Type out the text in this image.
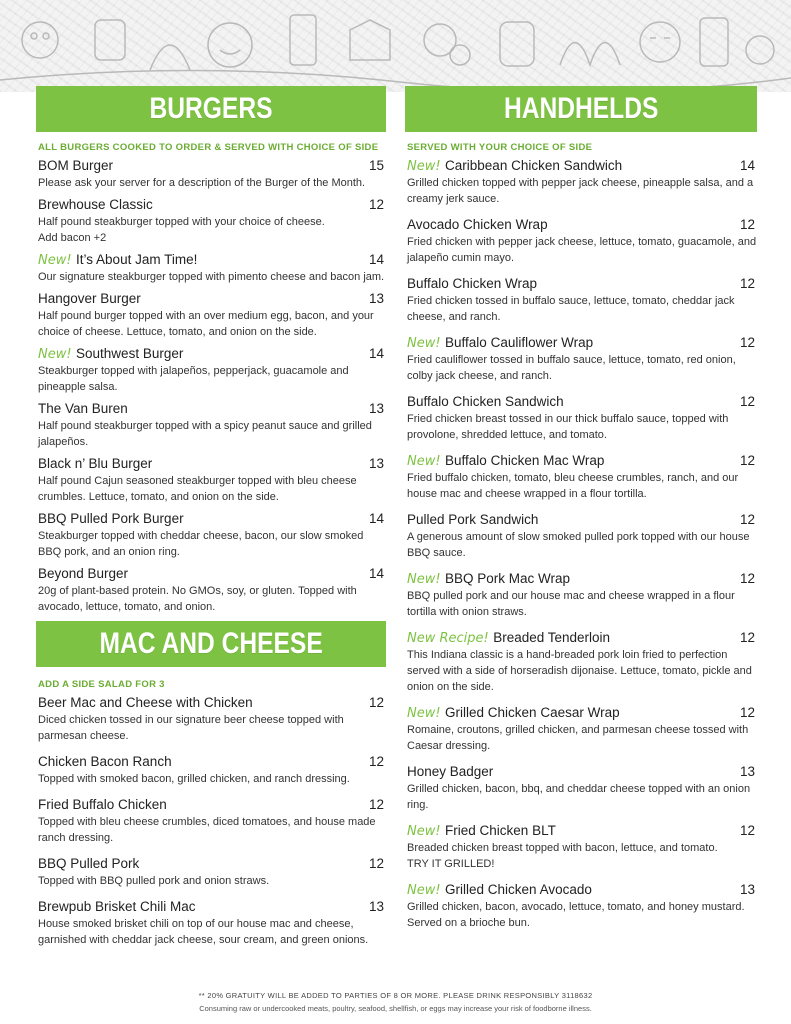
BURGERS
ALL BURGERS COOKED TO ORDER & SERVED WITH CHOICE OF SIDE
BOM Burger	15
Please ask your server for a description of the Burger of the Month.
Brewhouse Classic	12
Half pound steakburger topped with your choice of cheese.
Add bacon +2
New! It’s About Jam Time!	14
Our signature steakburger topped with pimento cheese and bacon jam.
Hangover Burger	13
Half pound burger topped with an over medium egg, bacon, and your choice of cheese. Lettuce, tomato, and onion on the side.
New! Southwest Burger	14
Steakburger topped with jalapeños, pepperjack, guacamole and pineapple salsa.
The Van Buren	13
Half pound steakburger topped with a spicy peanut sauce and grilled jalapeños.
Black n’ Blu Burger	13
Half pound Cajun seasoned steakburger topped with bleu cheese crumbles. Lettuce, tomato, and onion on the side.
BBQ Pulled Pork Burger	14
Steakburger topped with cheddar cheese, bacon, our slow smoked BBQ pork, and an onion ring.
Beyond Burger	14
20g of plant-based protein. No GMOs, soy, or gluten. Topped with avocado, lettuce, tomato, and onion.
MAC AND CHEESE
ADD A SIDE SALAD FOR 3
Beer Mac and Cheese with Chicken	12
Diced chicken tossed in our signature beer cheese topped with parmesan cheese.
Chicken Bacon Ranch	12
Topped with smoked bacon, grilled chicken, and ranch dressing.
Fried Buffalo Chicken	12
Topped with bleu cheese crumbles, diced tomatoes, and house made ranch dressing.
BBQ Pulled Pork	12
Topped with BBQ pulled pork and onion straws.
Brewpub Brisket Chili Mac	13
House smoked brisket chili on top of our house mac and cheese, garnished with cheddar jack cheese, sour cream, and green onions.
HANDHELDS
SERVED WITH YOUR CHOICE OF SIDE
New! Caribbean Chicken Sandwich	14
Grilled chicken topped with pepper jack cheese, pineapple salsa, and a creamy jerk sauce.
Avocado Chicken Wrap	12
Fried chicken with pepper jack cheese, lettuce, tomato, guacamole, and jalapeño cumin mayo.
Buffalo Chicken Wrap	12
Fried chicken tossed in buffalo sauce, lettuce, tomato, cheddar jack cheese, and ranch.
New! Buffalo Cauliflower Wrap	12
Fried cauliflower tossed in buffalo sauce, lettuce, tomato, red onion, colby jack cheese, and ranch.
Buffalo Chicken Sandwich	12
Fried chicken breast tossed in our thick buffalo sauce, topped with provolone, shredded lettuce, and tomato.
New! Buffalo Chicken Mac Wrap	12
Fried buffalo chicken, tomato, bleu cheese crumbles, ranch, and our house mac and cheese wrapped in a flour tortilla.
Pulled Pork Sandwich	12
A generous amount of slow smoked pulled pork topped with our house BBQ sauce.
New! BBQ Pork Mac Wrap	12
BBQ pulled pork and our house mac and cheese wrapped in a flour tortilla with onion straws.
New Recipe! Breaded Tenderloin	12
This Indiana classic is a hand-breaded pork loin fried to perfection served with a side of horseradish dijonaise. Lettuce, tomato, pickle and onion on the side.
New! Grilled Chicken Caesar Wrap	12
Romaine, croutons, grilled chicken, and parmesan cheese tossed with Caesar dressing.
Honey Badger	13
Grilled chicken, bacon, bbq, and cheddar cheese topped with an onion ring.
New! Fried Chicken BLT	12
Breaded chicken breast topped with bacon, lettuce, and tomato.
TRY IT GRILLED!
New! Grilled Chicken Avocado	13
Grilled chicken, bacon, avocado, lettuce, tomato, and honey mustard. Served on a brioche bun.
** 20% GRATUITY WILL BE ADDED TO PARTIES OF 8 OR MORE. PLEASE DRINK RESPONSIBLY 3118632
Consuming raw or undercooked meats, poultry, seafood, shellfish, or eggs may increase your risk of foodborne illness.
